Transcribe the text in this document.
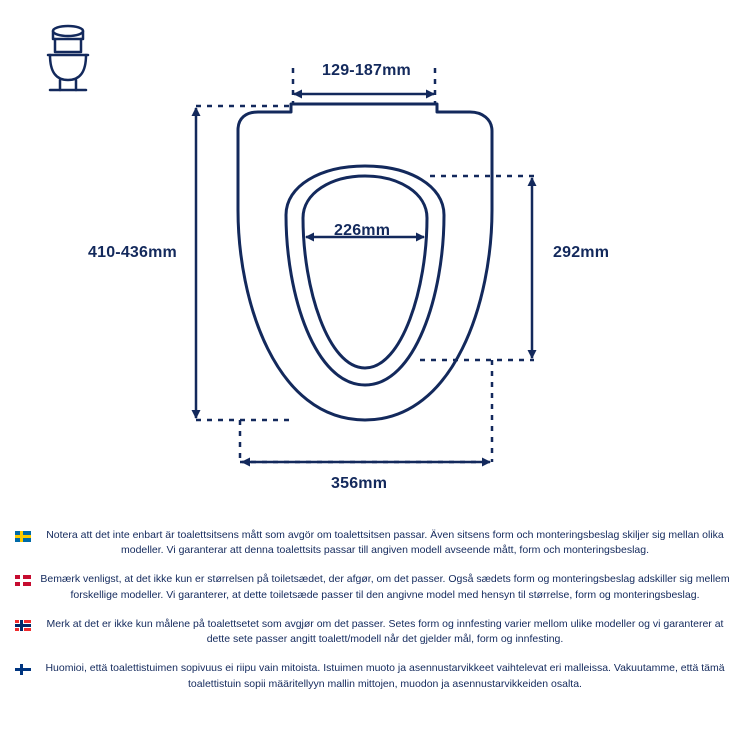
129-187mm
410-436mm
226mm
292mm
356mm
Notera att det inte enbart är toalettsitsens mått som avgör om toalettsitsen passar. Även sitsens form och monteringsbeslag skiljer sig mellan olika modeller. Vi garanterar att denna toalettsits passar till angiven modell avseende mått, form och monteringsbeslag.
Bemærk venligst, at det ikke kun er størrelsen på toiletsædet, der afgør, om det passer. Også sædets form og monteringsbeslag adskiller sig mellem forskellige modeller. Vi garanterer, at dette toiletsæde passer til den angivne model med hensyn til størrelse, form og monteringsbeslag.
Merk at det er ikke kun målene på toalettsetet som avgjør om det passer. Setes form og innfesting varier mellom ulike modeller og vi garanterer at dette sete passer angitt toalett/modell når det gjelder mål, form og innfesting.
Huomioi, että toalettistuimen sopivuus ei riipu vain mitoista. Istuimen muoto ja asennustarvikkeet vaihtelevat eri malleissa. Vakuutamme, että tämä toalettistuin sopii määritellyyn mallin mittojen, muodon ja asennustarvikkeiden osalta.
